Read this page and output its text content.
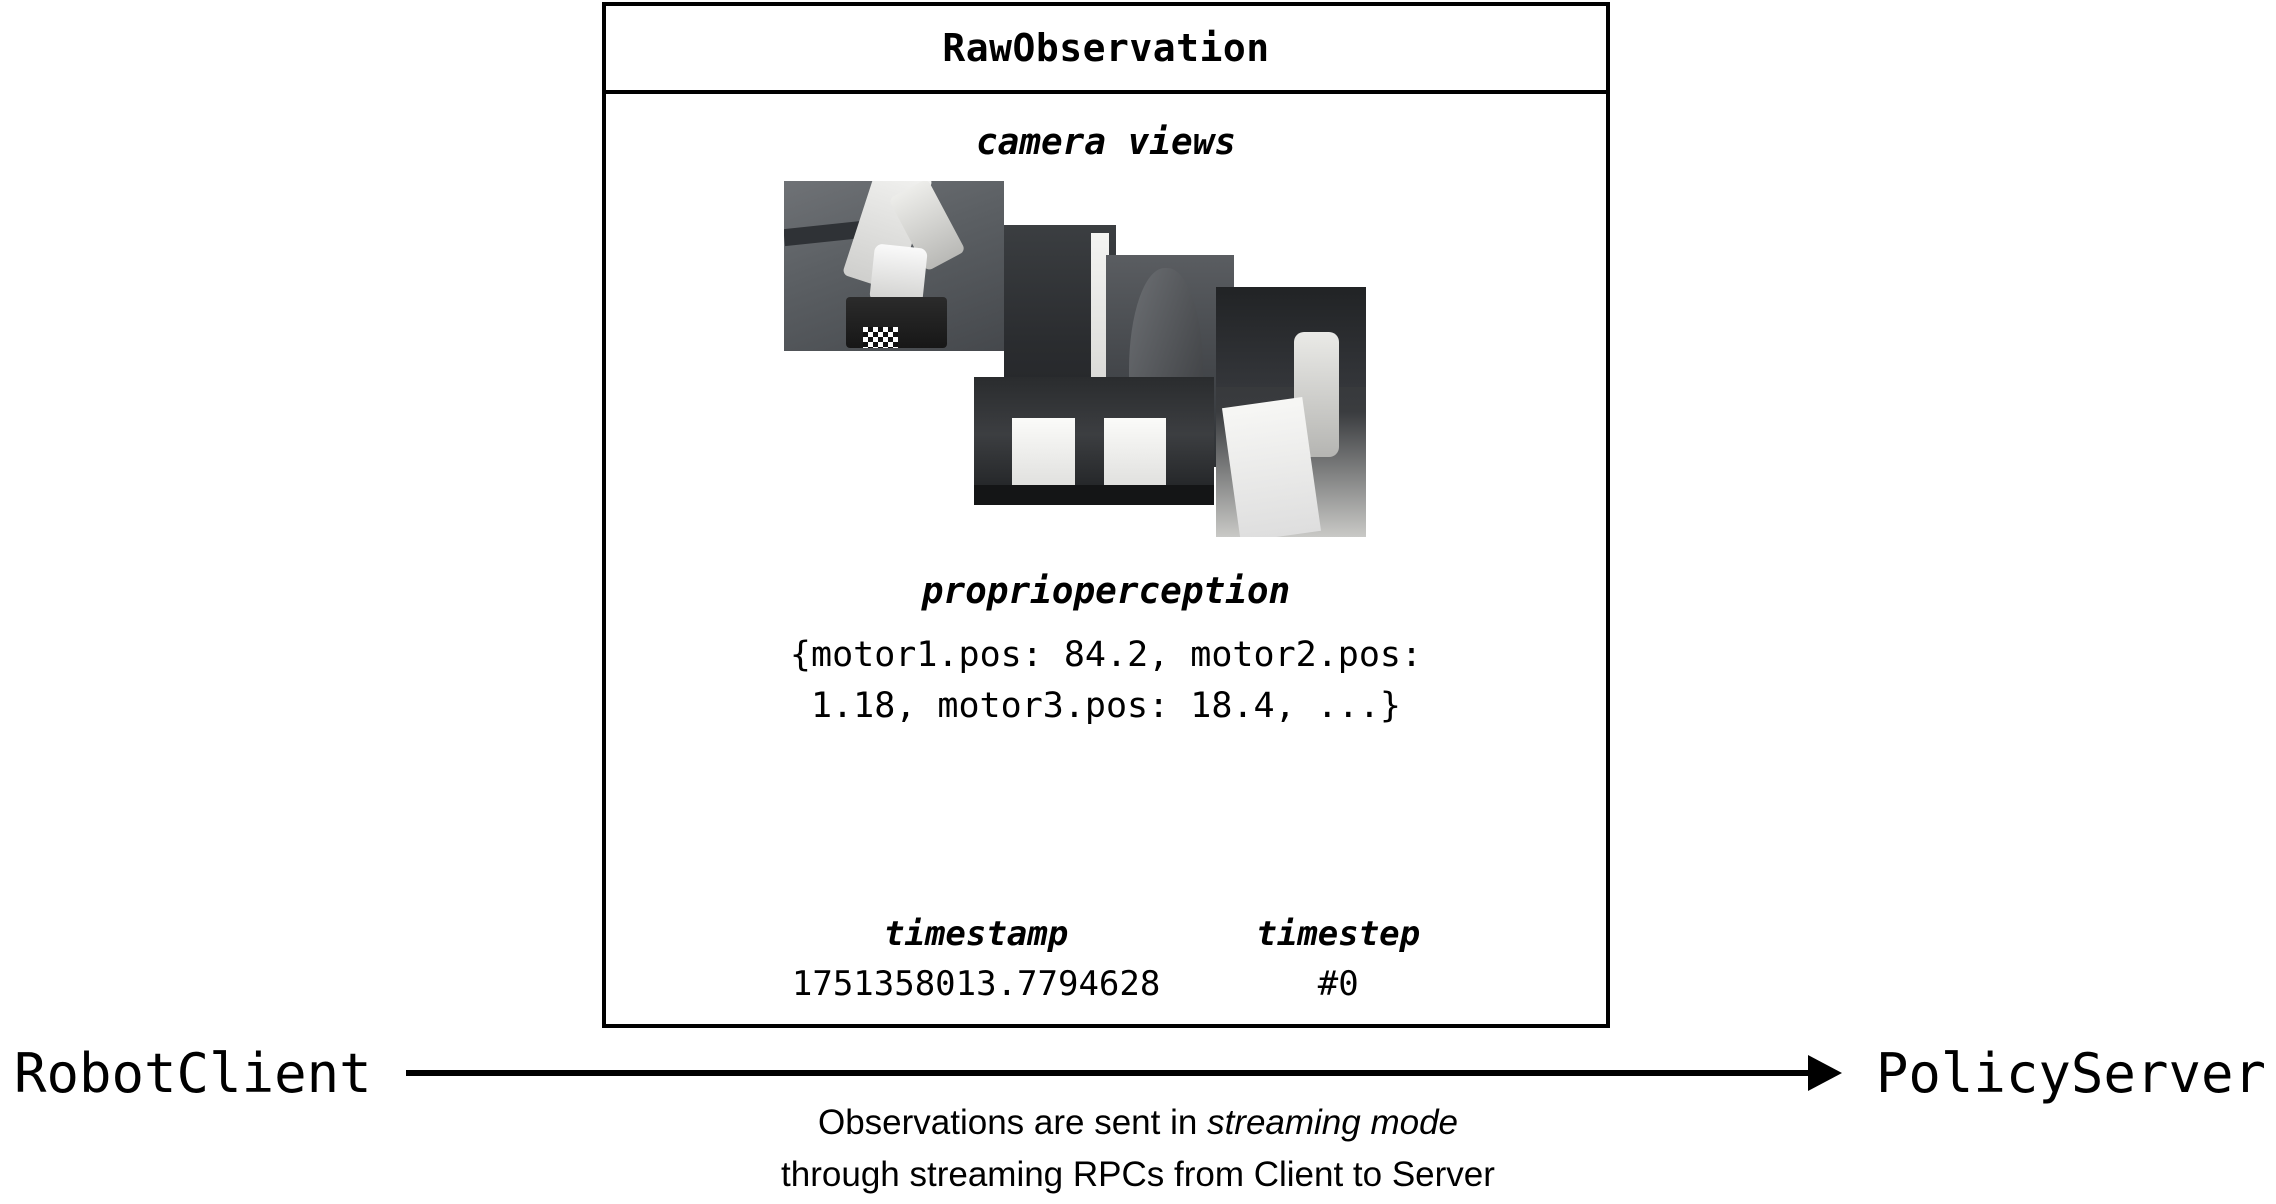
RawObservation
camera views
proprioperception
{motor1.pos: 84.2, motor2.pos:
1.18, motor3.pos: 18.4, ...}
timestamp
1751358013.7794628
timestep
#0
RobotClient	PolicyServer
Observations are sent in streaming mode
through streaming RPCs from Client to Server
